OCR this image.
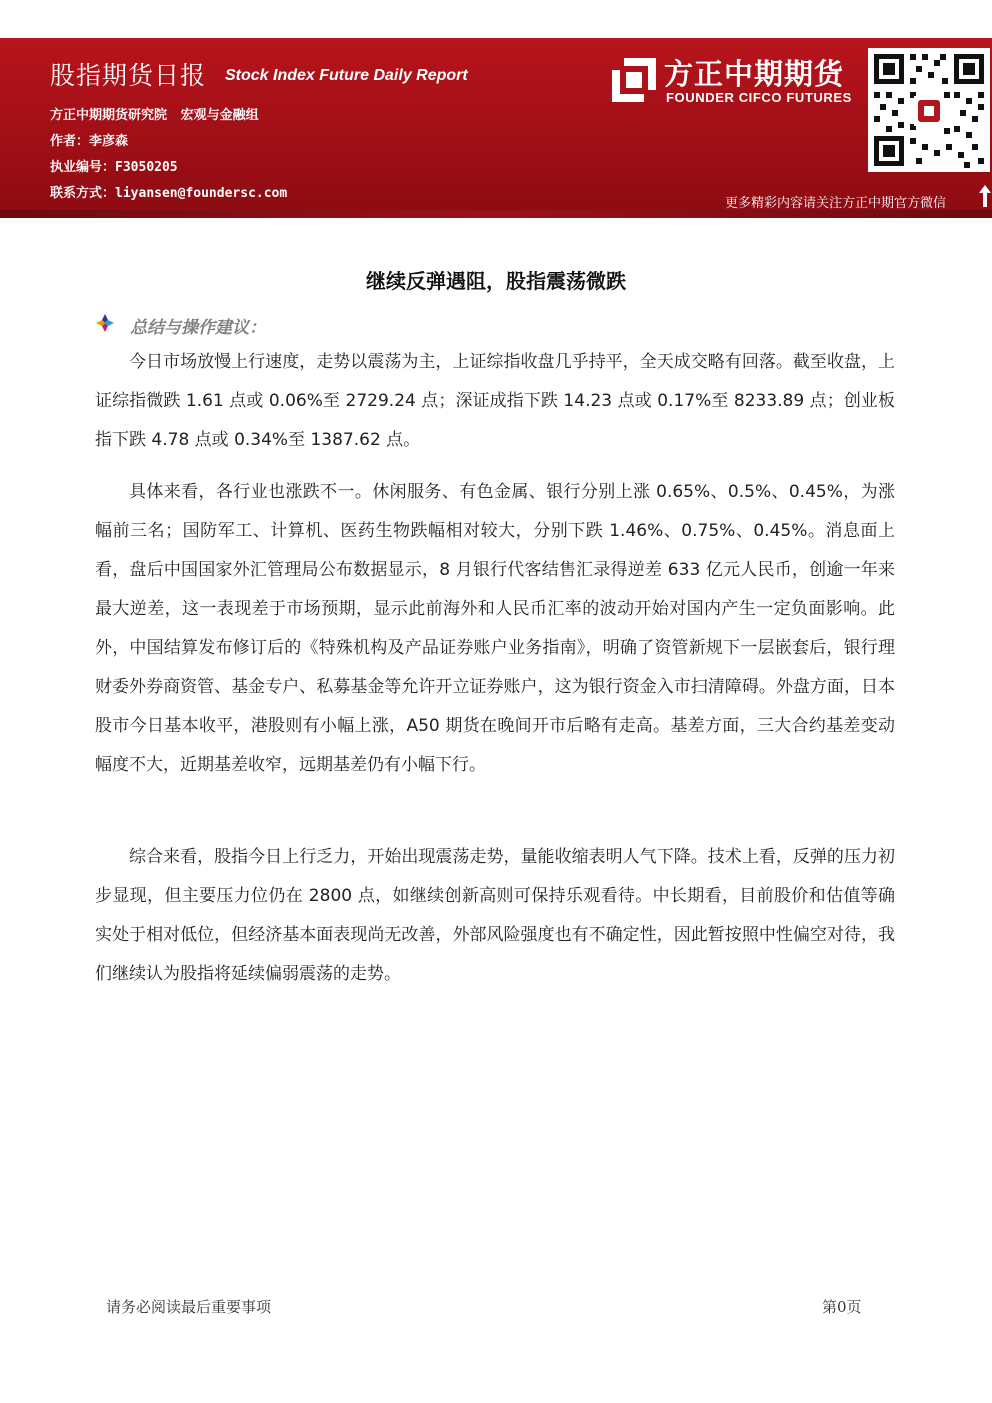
股指期货日报 Stock Index Future Daily Report
方正中期期货研究院   宏观与金融组
作者：李彦森
执业编号：F3050205
联系方式：liyansen@foundersc.com
方正中期期货
FOUNDER CIFCO FUTURES
更多精彩内容请关注方正中期官方微信
继续反弹遇阻，股指震荡微跌
总结与操作建议：
今日市场放慢上行速度，走势以震荡为主，上证综指收盘几乎持平，全天成交略有回落。截至收盘，上证综指微跌 1.61 点或 0.06%至 2729.24 点；深证成指下跌 14.23 点或 0.17%至 8233.89 点；创业板指下跌 4.78 点或 0.34%至 1387.62 点。
具体来看，各行业也涨跌不一。休闲服务、有色金属、银行分别上涨 0.65%、0.5%、0.45%，为涨幅前三名；国防军工、计算机、医药生物跌幅相对较大，分别下跌 1.46%、0.75%、0.45%。消息面上看，盘后中国国家外汇管理局公布数据显示，8 月银行代客结售汇录得逆差 633 亿元人民币，创逾一年来最大逆差，这一表现差于市场预期，显示此前海外和人民币汇率的波动开始对国内产生一定负面影响。此外，中国结算发布修订后的《特殊机构及产品证券账户业务指南》，明确了资管新规下一层嵌套后，银行理财委外券商资管、基金专户、私募基金等允许开立证券账户，这为银行资金入市扫清障碍。外盘方面，日本股市今日基本收平，港股则有小幅上涨，A50 期货在晚间开市后略有走高。基差方面，三大合约基差变动幅度不大，近期基差收窄，远期基差仍有小幅下行。
综合来看，股指今日上行乏力，开始出现震荡走势，量能收缩表明人气下降。技术上看，反弹的压力初步显现，但主要压力位仍在 2800 点，如继续创新高则可保持乐观看待。中长期看，目前股价和估值等确实处于相对低位，但经济基本面表现尚无改善，外部风险强度也有不确定性，因此暂按照中性偏空对待，我们继续认为股指将延续偏弱震荡的走势。
请务必阅读最后重要事项	第0页
